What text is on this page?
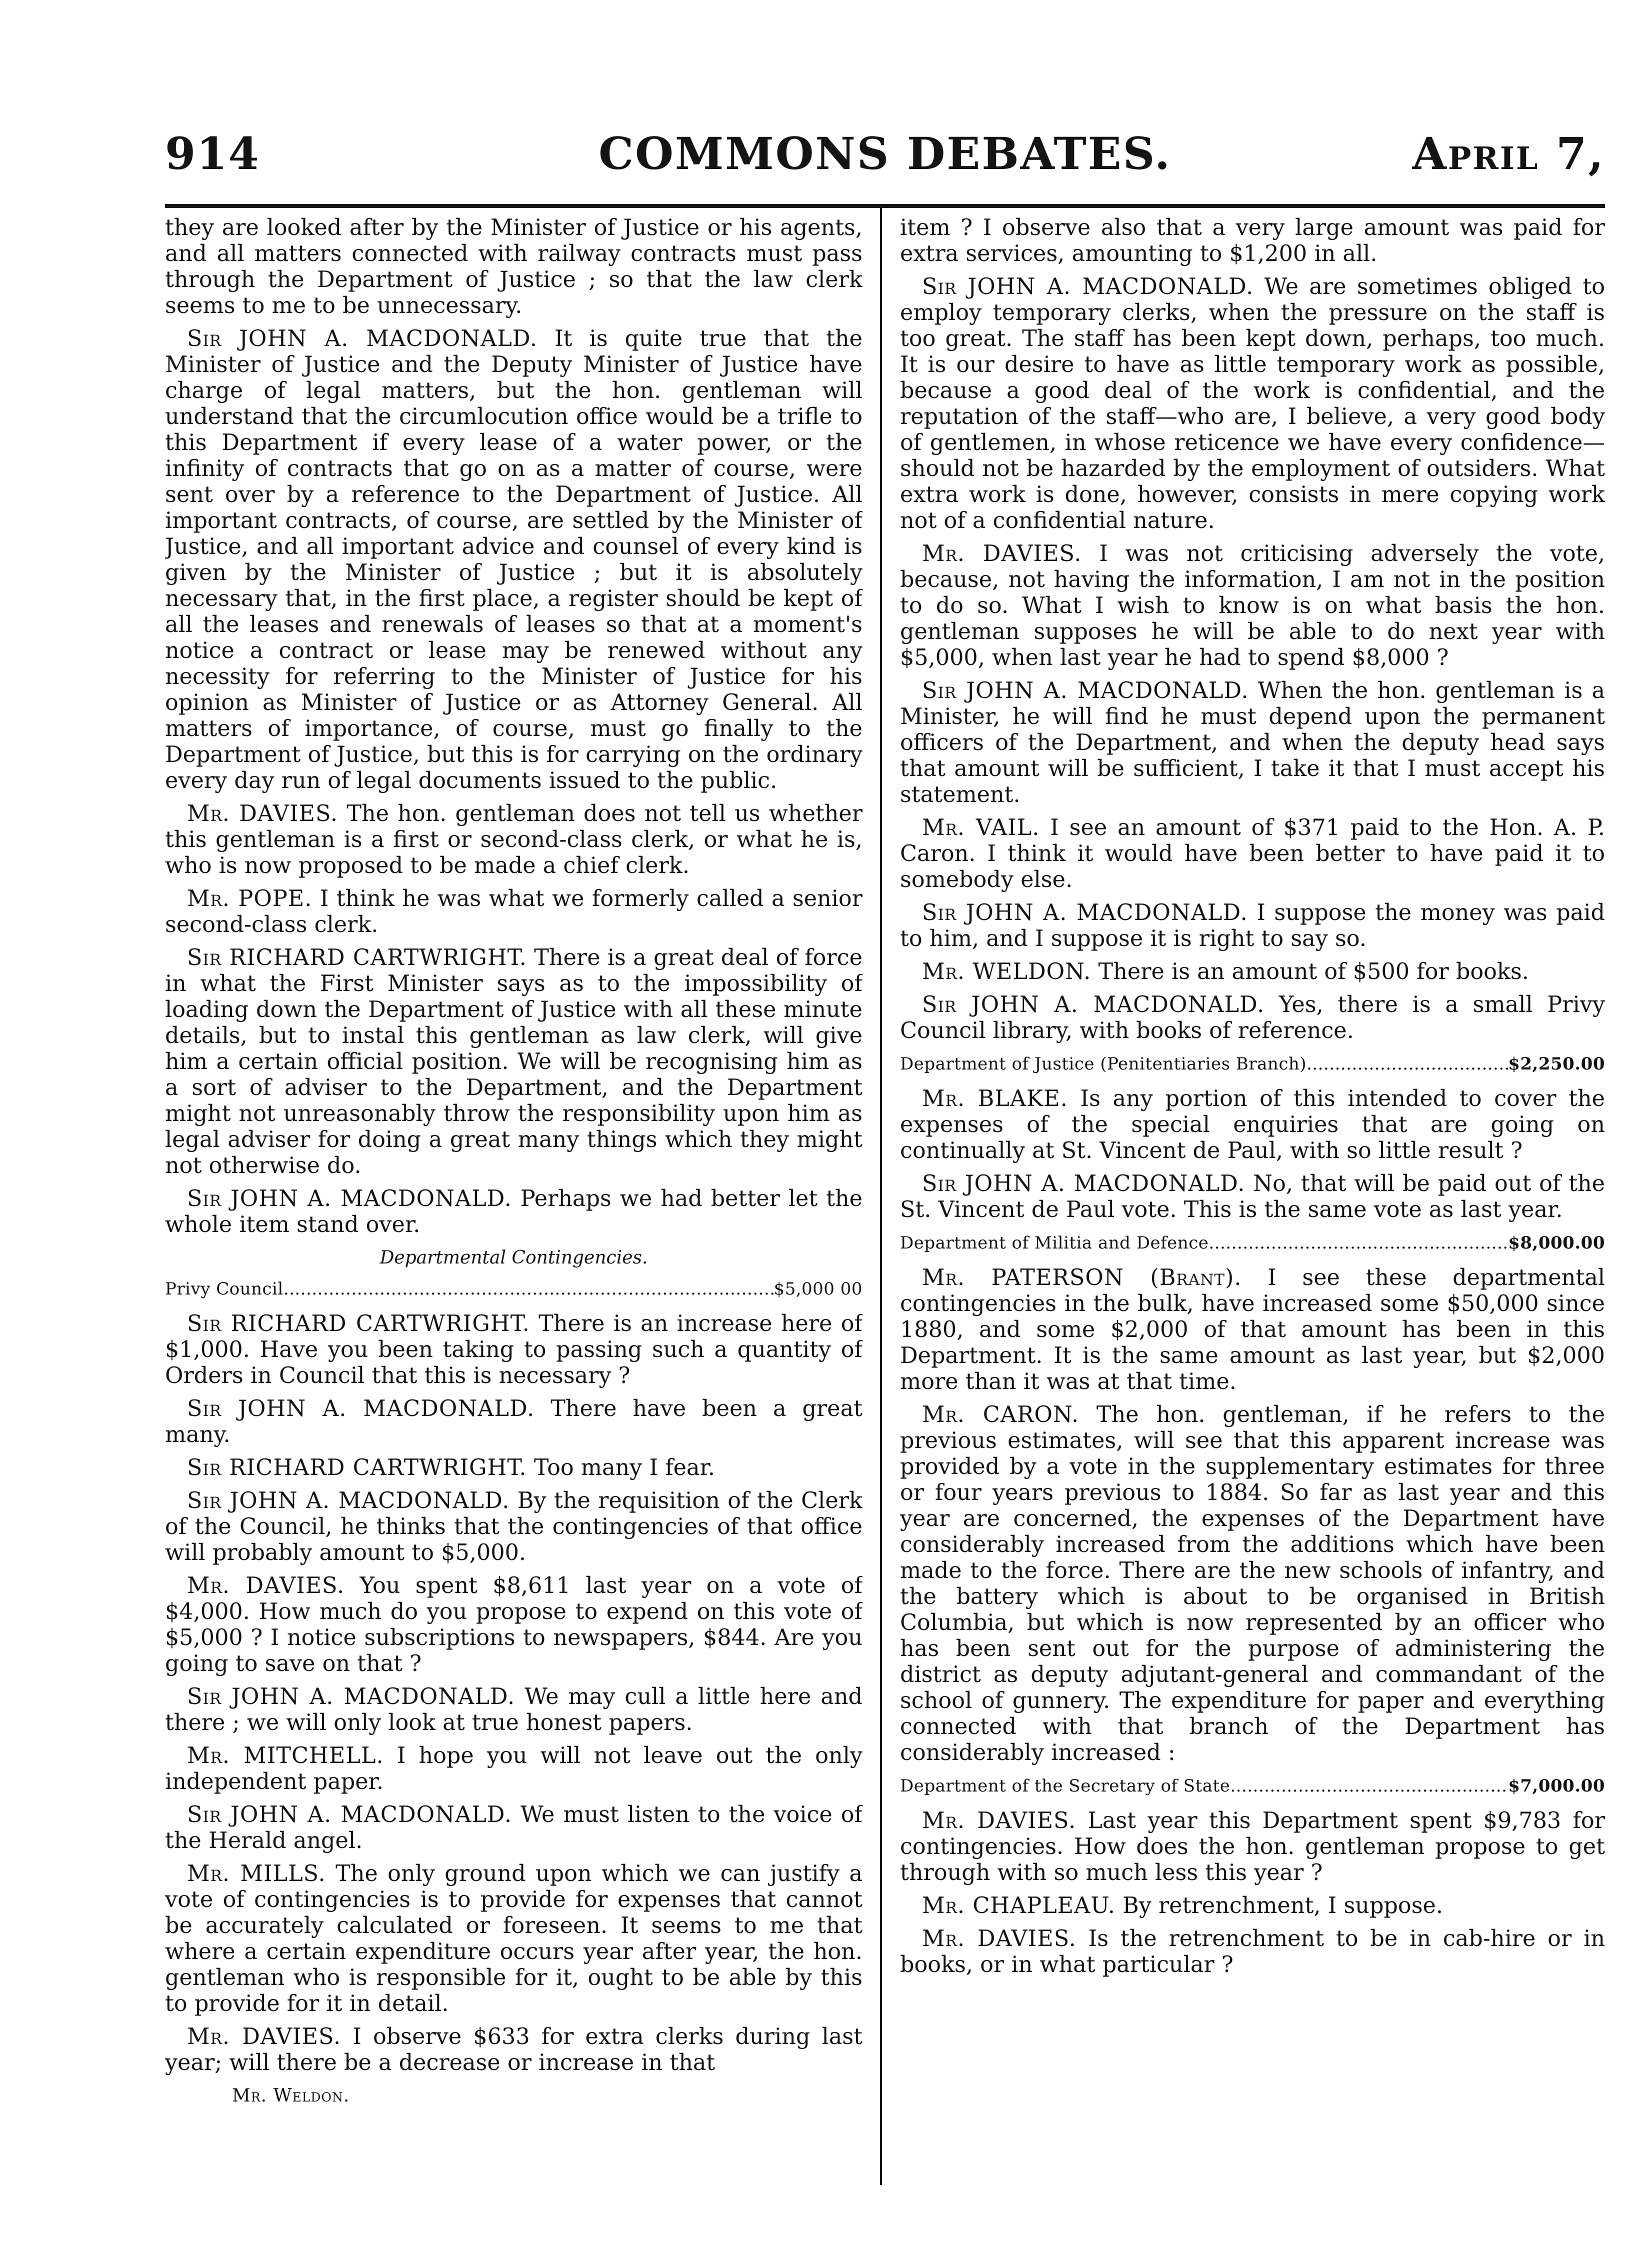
914	COMMONS DEBATES.	April 7,

they are looked after by the Minister of Justice or his agents, and all matters connected with railway contracts must pass through the Department of Justice ; so that the law clerk seems to me to be unnecessary.

Sir JOHN A. MACDONALD. It is quite true that the Minister of Justice and the Deputy Minister of Justice have charge of legal matters, but the hon. gentleman will understand that the circumlocution office would be a trifle to this Department if every lease of a water power, or the infinity of contracts that go on as a matter of course, were sent over by a reference to the Department of Justice. All important contracts, of course, are settled by the Minister of Justice, and all important advice and counsel of every kind is given by the Minister of Justice ; but it is absolutely necessary that, in the first place, a register should be kept of all the leases and renewals of leases so that at a moment's notice a contract or lease may be renewed without any necessity for referring to the Minister of Justice for his opinion as Minister of Justice or as Attorney General. All matters of importance, of course, must go finally to the Department of Justice, but this is for carrying on the ordinary every day run of legal documents issued to the public.

Mr. DAVIES. The hon. gentleman does not tell us whether this gentleman is a first or second-class clerk, or what he is, who is now proposed to be made a chief clerk.

Mr. POPE. I think he was what we formerly called a senior second-class clerk.

Sir RICHARD CARTWRIGHT. There is a great deal of force in what the First Minister says as to the impossibility of loading down the Department of Justice with all these minute details, but to instal this gentleman as law clerk, will give him a certain official position. We will be recognising him as a sort of adviser to the Department, and the Department might not unreasonably throw the responsibility upon him as legal adviser for doing a great many things which they might not otherwise do.

Sir JOHN A. MACDONALD. Perhaps we had better let the whole item stand over.

Departmental Contingencies.
Privy Council .....	$5,000 00

Sir RICHARD CARTWRIGHT. There is an increase here of $1,000. Have you been taking to passing such a quantity of Orders in Council that this is necessary ?

Sir JOHN A. MACDONALD. There have been a great many.

Sir RICHARD CARTWRIGHT. Too many I fear.

Sir JOHN A. MACDONALD. By the requisition of the Clerk of the Council, he thinks that the contingencies of that office will probably amount to $5,000.

Mr. DAVIES. You spent $8,611 last year on a vote of $4,000. How much do you propose to expend on this vote of $5,000 ? I notice subscriptions to newspapers, $844. Are you going to save on that ?

Sir JOHN A. MACDONALD. We may cull a little here and there ; we will only look at true honest papers.

Mr. MITCHELL. I hope you will not leave out the only independent paper.

Sir JOHN A. MACDONALD. We must listen to the voice of the Herald angel.

Mr. MILLS. The only ground upon which we can justify a vote of contingencies is to provide for expenses that cannot be accurately calculated or foreseen. It seems to me that where a certain expenditure occurs year after year, the hon. gentleman who is responsible for it, ought to be able by this to provide for it in detail.

Mr. DAVIES. I observe $633 for extra clerks during last year; will there be a decrease or increase in that

Mr. Weldon.

item ? I observe also that a very large amount was paid for extra services, amounting to $1,200 in all.

Sir JOHN A. MACDONALD. We are sometimes obliged to employ temporary clerks, when the pressure on the staff is too great. The staff has been kept down, perhaps, too much. It is our desire to have as little temporary work as possible, because a good deal of the work is confidential, and the reputation of the staff—who are, I believe, a very good body of gentlemen, in whose reticence we have every confidence—should not be hazarded by the employment of outsiders. What extra work is done, however, consists in mere copying work not of a confidential nature.

Mr. DAVIES. I was not criticising adversely the vote, because, not having the information, I am not in the position to do so. What I wish to know is on what basis the hon. gentleman supposes he will be able to do next year with $5,000, when last year he had to spend $8,000 ?

Sir JOHN A. MACDONALD. When the hon. gentleman is a Minister, he will find he must depend upon the permanent officers of the Department, and when the deputy head says that amount will be sufficient, I take it that I must accept his statement.

Mr. VAIL. I see an amount of $371 paid to the Hon. A. P. Caron. I think it would have been better to have paid it to somebody else.

Sir JOHN A. MACDONALD. I suppose the money was paid to him, and I suppose it is right to say so.

Mr. WELDON. There is an amount of $500 for books.

Sir JOHN A. MACDONALD. Yes, there is a small Privy Council library, with books of reference.

Department of Justice (Penitentiaries Branch) .....	$2,250.00

Mr. BLAKE. Is any portion of this intended to cover the expenses of the special enquiries that are going on continually at St. Vincent de Paul, with so little result ?

Sir JOHN A. MACDONALD. No, that will be paid out of the St. Vincent de Paul vote. This is the same vote as last year.

Department of Militia and Defence .....	$8,000.00

Mr. PATERSON (Brant). I see these departmental contingencies in the bulk, have increased some $50,000 since 1880, and some $2,000 of that amount has been in this Department. It is the same amount as last year, but $2,000 more than it was at that time.

Mr. CARON. The hon. gentleman, if he refers to the previous estimates, will see that this apparent increase was provided by a vote in the supplementary estimates for three or four years previous to 1884. So far as last year and this year are concerned, the expenses of the Department have considerably increased from the additions which have been made to the force. There are the new schools of infantry, and the battery which is about to be organised in British Columbia, but which is now represented by an officer who has been sent out for the purpose of administering the district as deputy adjutant-general and commandant of the school of gunnery. The expenditure for paper and everything connected with that branch of the Department has considerably increased :

Department of the Secretary of State .....	$7,000.00

Mr. DAVIES. Last year this Department spent $9,783 for contingencies. How does the hon. gentleman propose to get through with so much less this year ?

Mr. CHAPLEAU. By retrenchment, I suppose.

Mr. DAVIES. Is the retrenchment to be in cab-hire or in books, or in what particular ?
